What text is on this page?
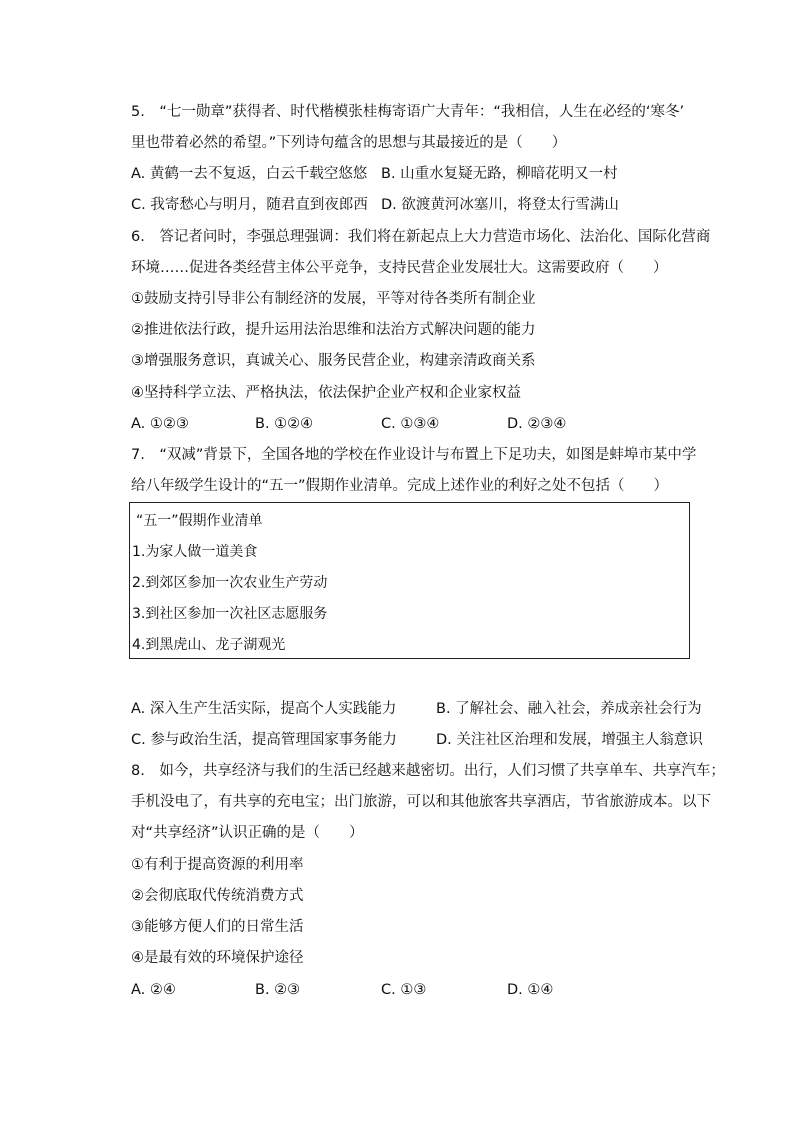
5.　“七一勋章”获得者、时代楷模张桂梅寄语广大青年：“我相信，人生在必经的‘寒冬’
里也带着必然的希望。”下列诗句蕴含的思想与其最接近的是（　　）
A. 黄鹤一去不复返，白云千载空悠悠 B. 山重水复疑无路，柳暗花明又一村
C. 我寄愁心与明月，随君直到夜郎西 D. 欲渡黄河冰塞川，将登太行雪满山
6.　答记者问时，李强总理强调：我们将在新起点上大力营造市场化、法治化、国际化营商
环境……促进各类经营主体公平竞争，支持民营企业发展壮大。这需要政府（　　）
①鼓励支持引导非公有制经济的发展，平等对待各类所有制企业
②推进依法行政，提升运用法治思维和法治方式解决问题的能力
③增强服务意识，真诚关心、服务民营企业，构建亲清政商关系
④坚持科学立法、严格执法，依法保护企业产权和企业家权益
A. ①②③	B. ①②④	C. ①③④	D. ②③④
7.　“双减”背景下，全国各地的学校在作业设计与布置上下足功夫，如图是蚌埠市某中学
给八年级学生设计的“五一”假期作业清单。完成上述作业的利好之处不包括（　　）
“五一”假期作业清单
1.为家人做一道美食
2.到郊区参加一次农业生产劳动
3.到社区参加一次社区志愿服务
4.到黑虎山、龙子湖观光
A. 深入生产生活实际，提高个人实践能力	B. 了解社会、融入社会，养成亲社会行为
C. 参与政治生活，提高管理国家事务能力	D. 关注社区治理和发展，增强主人翁意识
8.　如今，共享经济与我们的生活已经越来越密切。出行，人们习惯了共享单车、共享汽车；
手机没电了，有共享的充电宝；出门旅游，可以和其他旅客共享酒店，节省旅游成本。以下
对“共享经济”认识正确的是（　　）
①有利于提高资源的利用率
②会彻底取代传统消费方式
③能够方便人们的日常生活
④是最有效的环境保护途径
A. ②④	B. ②③	C. ①③	D. ①④
